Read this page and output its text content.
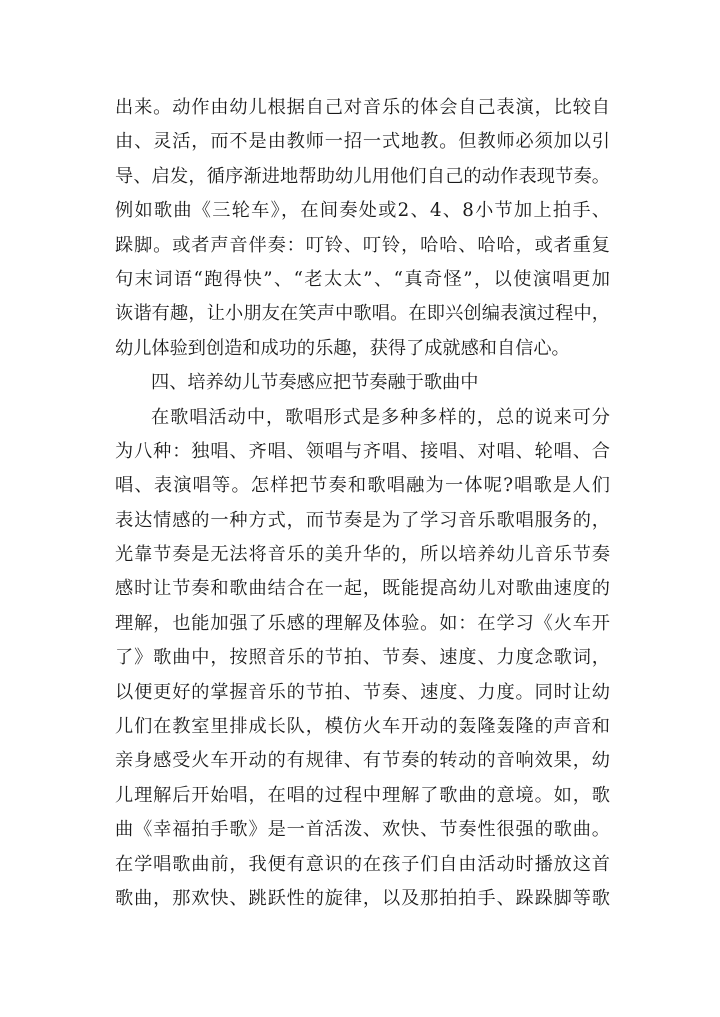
出来。动作由幼儿根据自己对音乐的体会自己表演，比较自
由、灵活，而不是由教师一招一式地教。但教师必须加以引
导、启发，循序渐进地帮助幼儿用他们自己的动作表现节奏。
例如歌曲《三轮车》，在间奏处或2、4、8小节加上拍手、
跺脚。或者声音伴奏：叮铃、叮铃，哈哈、哈哈，或者重复
句末词语“跑得快”、“老太太”、“真奇怪”，以使演唱更加
诙谐有趣，让小朋友在笑声中歌唱。在即兴创编表演过程中，
幼儿体验到创造和成功的乐趣，获得了成就感和自信心。
四、培养幼儿节奏感应把节奏融于歌曲中
在歌唱活动中，歌唱形式是多种多样的，总的说来可分
为八种：独唱、齐唱、领唱与齐唱、接唱、对唱、轮唱、合
唱、表演唱等。怎样把节奏和歌唱融为一体呢?唱歌是人们
表达情感的一种方式，而节奏是为了学习音乐歌唱服务的，
光靠节奏是无法将音乐的美升华的，所以培养幼儿音乐节奏
感时让节奏和歌曲结合在一起，既能提高幼儿对歌曲速度的
理解，也能加强了乐感的理解及体验。如：在学习《火车开
了》歌曲中，按照音乐的节拍、节奏、速度、力度念歌词，
以便更好的掌握音乐的节拍、节奏、速度、力度。同时让幼
儿们在教室里排成长队，模仿火车开动的轰隆轰隆的声音和
亲身感受火车开动的有规律、有节奏的转动的音响效果，幼
儿理解后开始唱，在唱的过程中理解了歌曲的意境。如，歌
曲《幸福拍手歌》是一首活泼、欢快、节奏性很强的歌曲。
在学唱歌曲前，我便有意识的在孩子们自由活动时播放这首
歌曲，那欢快、跳跃性的旋律，以及那拍拍手、跺跺脚等歌
